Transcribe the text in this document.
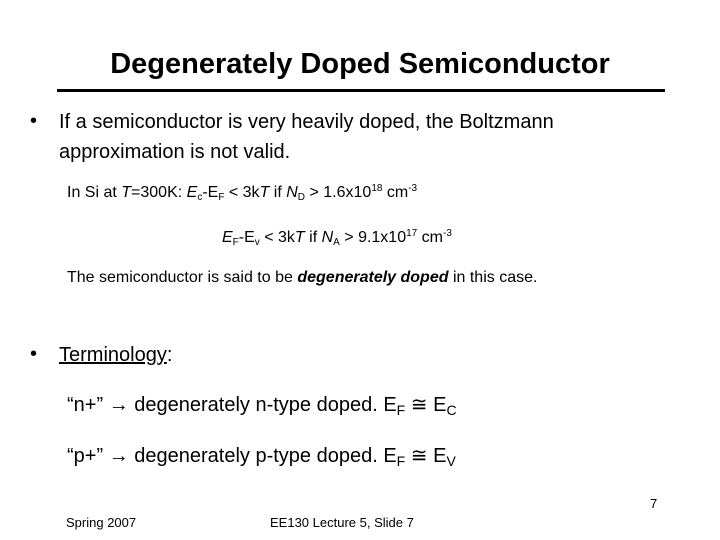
Degenerately Doped Semiconductor
• If a semiconductor is very heavily doped, the Boltzmann
approximation is not valid.
In Si at T=300K: $E_c-E_F < 3kT$ if $N_D > 1.6x10^{18}$ $cm^{-3}$
$E_F-E_v < 3kT$ if $N_A > 9.1x10^{17}$ $cm^{-3}$
The semiconductor is said to be degenerately doped in this case.
• Terminology:
“n+” → degenerately n-type doped. $E_F$ ≅ $E_C$
“p+” → degenerately p-type doped. $E_F$ ≅ $E_V$
7
Spring 2007	EE130 Lecture 5, Slide 7
